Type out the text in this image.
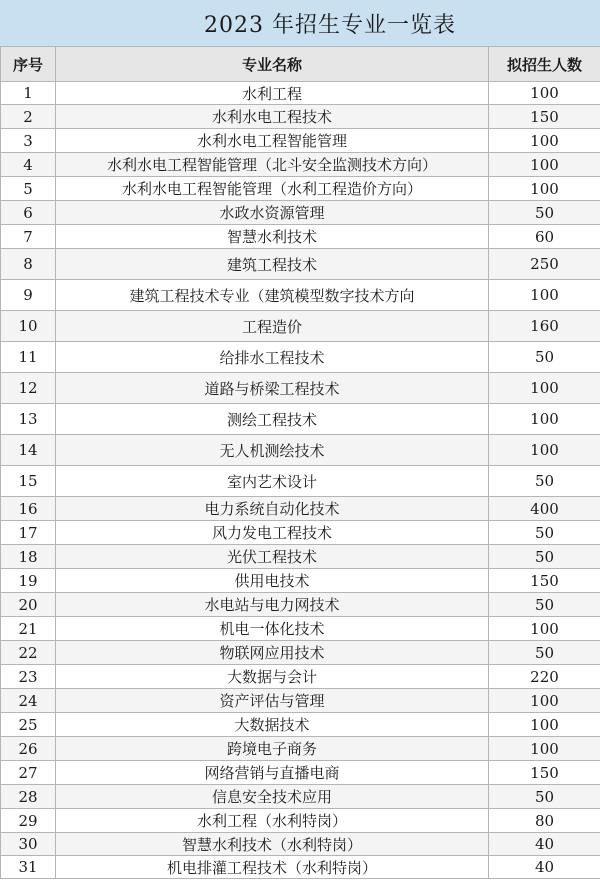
2023 年招生专业一览表
序号	专业名称	拟招生人数
1	水利工程	100
2	水利水电工程技术	150
3	水利水电工程智能管理	100
4	水利水电工程智能管理（北斗安全监测技术方向）	100
5	水利水电工程智能管理（水利工程造价方向）	100
6	水政水资源管理	50
7	智慧水利技术	60
8	建筑工程技术	250
9	建筑工程技术专业（建筑模型数字技术方向	100
10	工程造价	160
11	给排水工程技术	50
12	道路与桥梁工程技术	100
13	测绘工程技术	100
14	无人机测绘技术	100
15	室内艺术设计	50
16	电力系统自动化技术	400
17	风力发电工程技术	50
18	光伏工程技术	50
19	供用电技术	150
20	水电站与电力网技术	50
21	机电一体化技术	100
22	物联网应用技术	50
23	大数据与会计	220
24	资产评估与管理	100
25	大数据技术	100
26	跨境电子商务	100
27	网络营销与直播电商	150
28	信息安全技术应用	50
29	水利工程（水利特岗）	80
30	智慧水利技术（水利特岗）	40
31	机电排灌工程技术（水利特岗）	40
